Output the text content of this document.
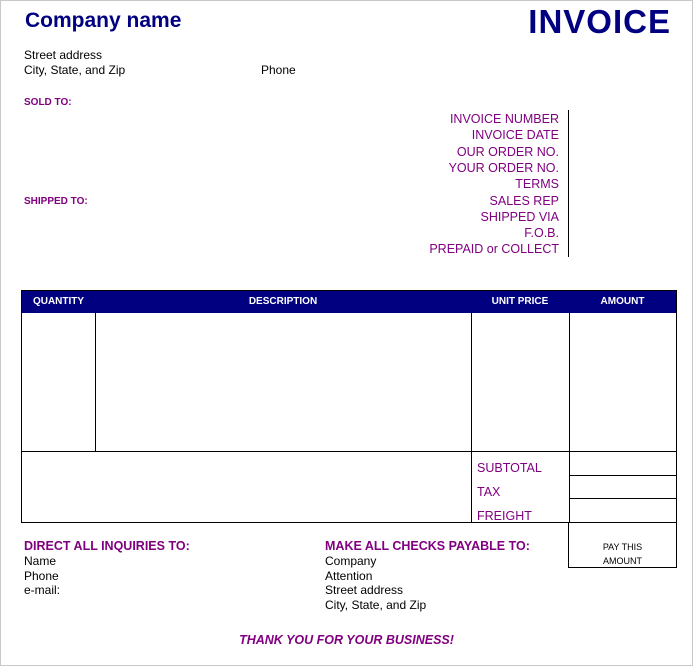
Company name	INVOICE
Street address
City, State, and Zip	Phone
SOLD TO:
SHIPPED TO:
INVOICE NUMBER
INVOICE DATE
OUR ORDER NO.
YOUR ORDER NO.
TERMS
SALES REP
SHIPPED VIA
F.O.B.
PREPAID or COLLECT
QUANTITY	DESCRIPTION	UNIT PRICE	AMOUNT
SUBTOTAL
TAX
FREIGHT
PAY THIS
AMOUNT
DIRECT ALL INQUIRIES TO:
Name
Phone
e-mail:
MAKE ALL CHECKS PAYABLE TO:
Company
Attention
Street address
City, State, and Zip
THANK YOU FOR YOUR BUSINESS!
